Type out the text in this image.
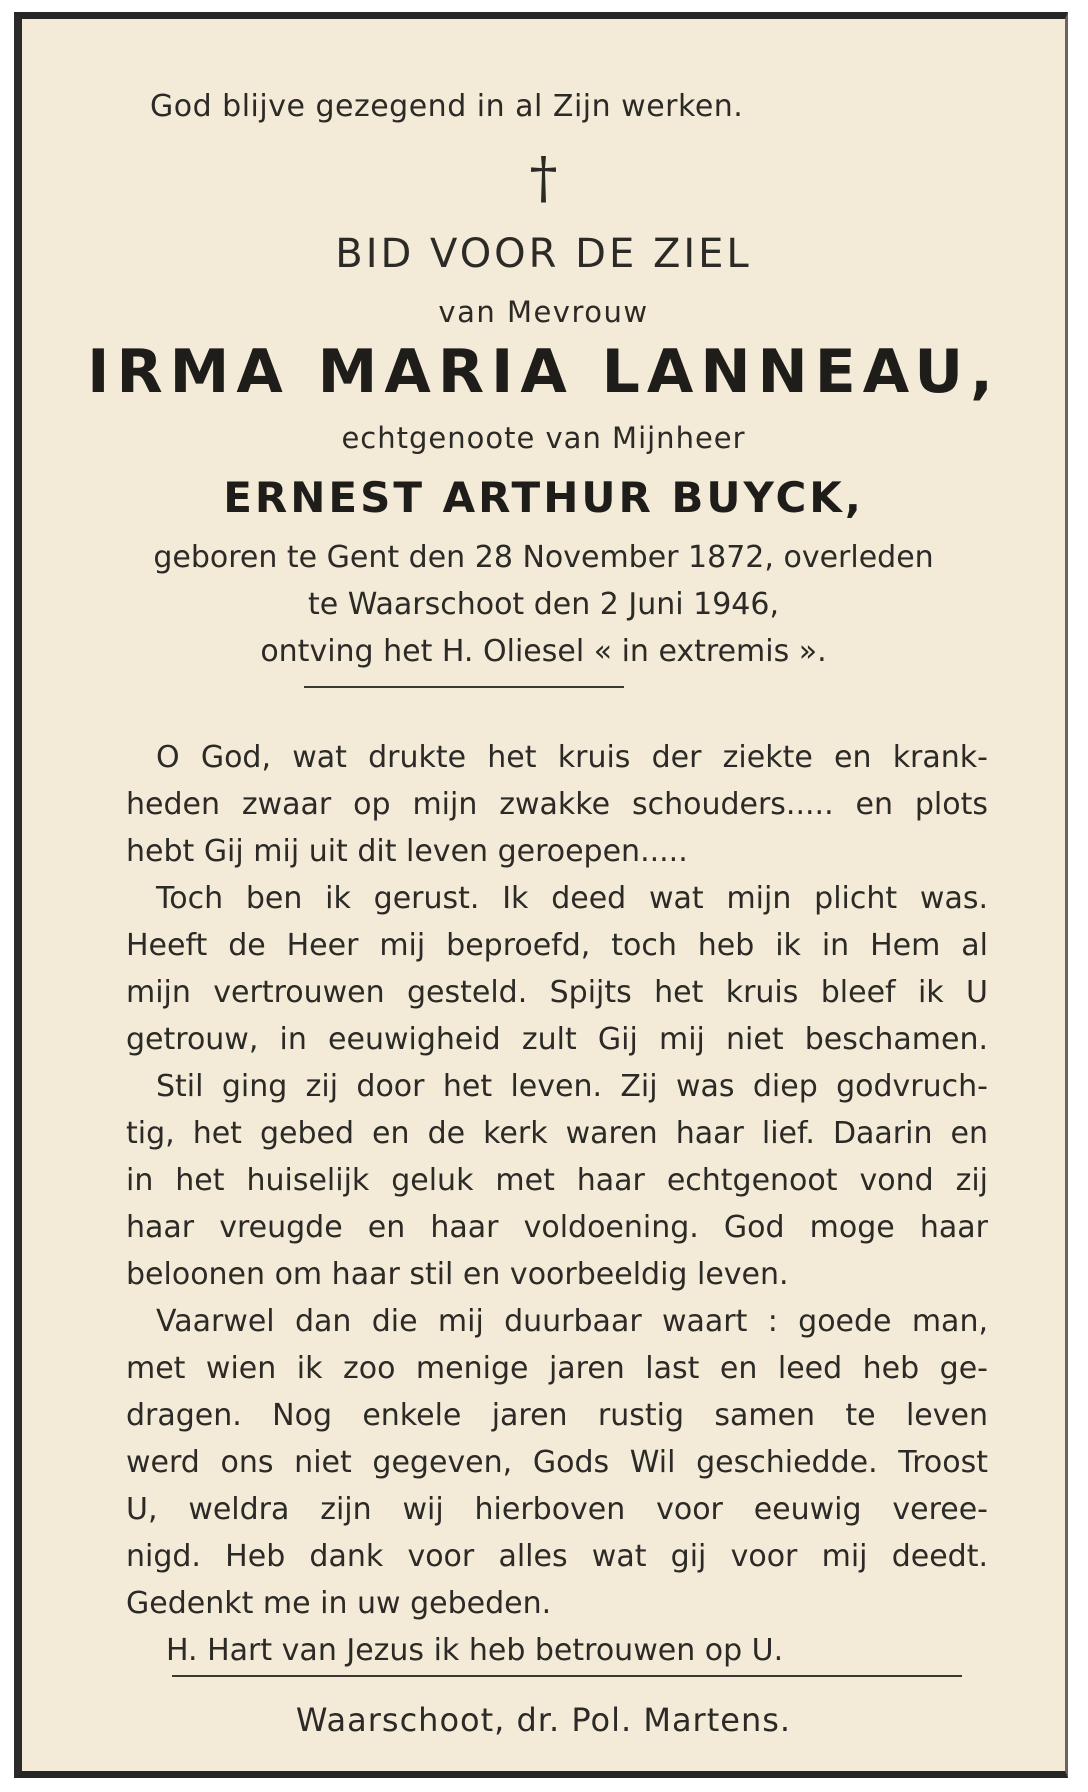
God blijve gezegend in al Zijn werken.
†
BID VOOR DE ZIEL
van Mevrouw
IRMA MARIA LANNEAU,
echtgenoote van Mijnheer
ERNEST ARTHUR BUYCK,
geboren te Gent den 28 November 1872, overleden
te Waarschoot den 2 Juni 1946,
ontving het H. Oliesel « in extremis ».
O God, wat drukte het kruis der ziekte en krank-
heden zwaar op mijn zwakke schouders..... en plots
hebt Gij mij uit dit leven geroepen.....
Toch ben ik gerust. Ik deed wat mijn plicht was.
Heeft de Heer mij beproefd, toch heb ik in Hem al
mijn vertrouwen gesteld. Spijts het kruis bleef ik U
getrouw, in eeuwigheid zult Gij mij niet beschamen.
Stil ging zij door het leven. Zij was diep godvruch-
tig, het gebed en de kerk waren haar lief. Daarin en
in het huiselijk geluk met haar echtgenoot vond zij
haar vreugde en haar voldoening. God moge haar
beloonen om haar stil en voorbeeldig leven.
Vaarwel dan die mij duurbaar waart : goede man,
met wien ik zoo menige jaren last en leed heb ge-
dragen. Nog enkele jaren rustig samen te leven
werd ons niet gegeven, Gods Wil geschiedde. Troost
U, weldra zijn wij hierboven voor eeuwig veree-
nigd. Heb dank voor alles wat gij voor mij deedt.
Gedenkt me in uw gebeden.
H. Hart van Jezus ik heb betrouwen op U.
Waarschoot, dr. Pol. Martens.
